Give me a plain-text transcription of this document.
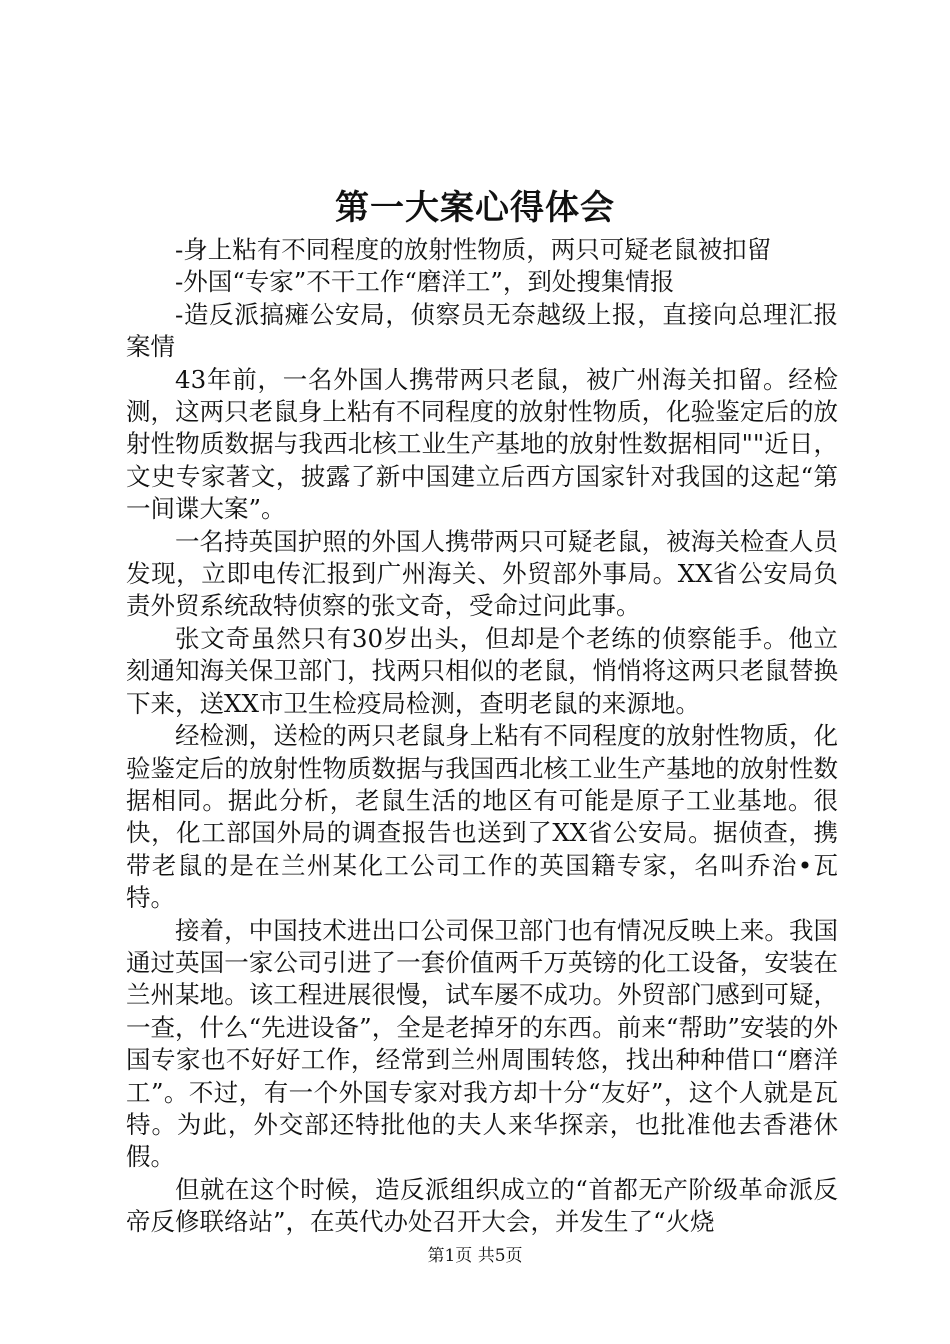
第一大案心得体会

-身上粘有不同程度的放射性物质，两只可疑老鼠被扣留

-外国“专家”不干工作“磨洋工”，到处搜集情报

-造反派搞瘫公安局，侦察员无奈越级上报，直接向总理汇报案情

43年前，一名外国人携带两只老鼠，被广州海关扣留。经检测，这两只老鼠身上粘有不同程度的放射性物质，化验鉴定后的放射性物质数据与我西北核工业生产基地的放射性数据相同""近日，文史专家著文，披露了新中国建立后西方国家针对我国的这起“第一间谍大案”。

一名持英国护照的外国人携带两只可疑老鼠，被海关检查人员发现，立即电传汇报到广州海关、外贸部外事局。XX省公安局负责外贸系统敌特侦察的张文奇，受命过问此事。

张文奇虽然只有30岁出头，但却是个老练的侦察能手。他立刻通知海关保卫部门，找两只相似的老鼠，悄悄将这两只老鼠替换下来，送XX市卫生检疫局检测，查明老鼠的来源地。

经检测，送检的两只老鼠身上粘有不同程度的放射性物质，化验鉴定后的放射性物质数据与我国西北核工业生产基地的放射性数据相同。据此分析，老鼠生活的地区有可能是原子工业基地。很快，化工部国外局的调查报告也送到了XX省公安局。据侦查，携带老鼠的是在兰州某化工公司工作的英国籍专家，名叫乔治•瓦特。

接着，中国技术进出口公司保卫部门也有情况反映上来。我国通过英国一家公司引进了一套价值两千万英镑的化工设备，安装在兰州某地。该工程进展很慢，试车屡不成功。外贸部门感到可疑，一查，什么“先进设备”，全是老掉牙的东西。前来“帮助”安装的外国专家也不好好工作，经常到兰州周围转悠，找出种种借口“磨洋工”。不过，有一个外国专家对我方却十分“友好”，这个人就是瓦特。为此，外交部还特批他的夫人来华探亲，也批准他去香港休假。

但就在这个时候，造反派组织成立的“首都无产阶级革命派反帝反修联络站”，在英代办处召开大会，并发生了“火烧

第1页 共5页
